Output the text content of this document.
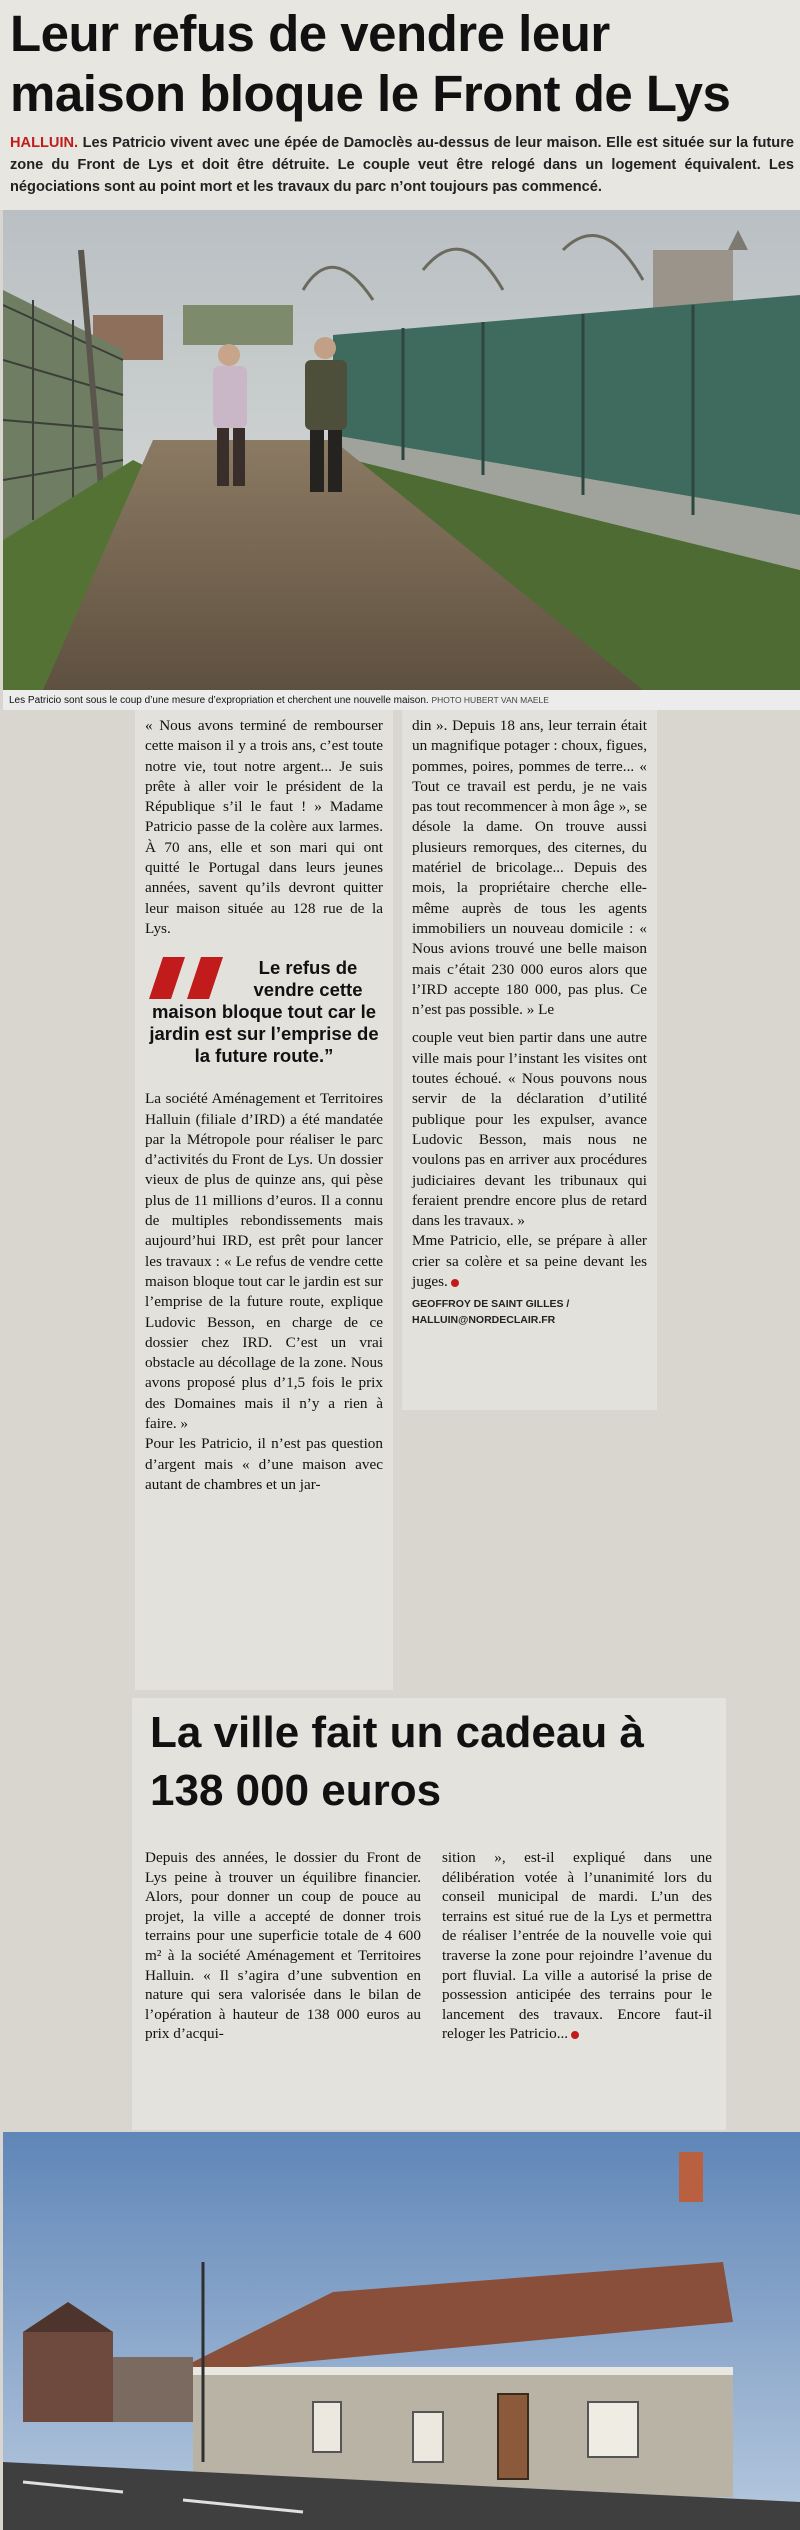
Leur refus de vendre leur maison bloque le Front de Lys

HALLUIN. Les Patricio vivent avec une épée de Damoclès au-dessus de leur maison. Elle est située sur la future zone du Front de Lys et doit être détruite. Le couple veut être relogé dans un logement équivalent. Les négociations sont au point mort et les travaux du parc n’ont toujours pas commencé.

Les Patricio sont sous le coup d’une mesure d’expropriation et cherchent une nouvelle maison. PHOTO HUBERT VAN MAELE

« Nous avons terminé de rembourser cette maison il y a trois ans, c’est toute notre vie, tout notre argent... Je suis prête à aller voir le président de la République s’il le faut ! » Madame Patricio passe de la colère aux larmes. À 70 ans, elle et son mari qui ont quitté le Portugal dans leurs jeunes années, savent qu’ils devront quitter leur maison située au 128 rue de la Lys.

Le refus de vendre cette maison bloque tout car le jardin est sur l’emprise de la future route.”

La société Aménagement et Territoires Halluin (filiale d’IRD) a été mandatée par la Métropole pour réaliser le parc d’activités du Front de Lys. Un dossier vieux de plus de quinze ans, qui pèse plus de 11 millions d’euros. Il a connu de multiples rebondissements mais aujourd’hui IRD, est prêt pour lancer les travaux : « Le refus de vendre cette maison bloque tout car le jardin est sur l’emprise de la future route, explique Ludovic Besson, en charge de ce dossier chez IRD. C’est un vrai obstacle au décollage de la zone. Nous avons proposé plus d’1,5 fois le prix des Domaines mais il n’y a rien à faire. »

Pour les Patricio, il n’est pas question d’argent mais « d’une maison avec autant de chambres et un jar-

din ». Depuis 18 ans, leur terrain était un magnifique potager : choux, figues, pommes, poires, pommes de terre... « Tout ce travail est perdu, je ne vais pas tout recommencer à mon âge », se désole la dame. On trouve aussi plusieurs remorques, des citernes, du matériel de bricolage... Depuis des mois, la propriétaire cherche elle-même auprès de tous les agents immobiliers un nouveau domicile : « Nous avions trouvé une belle maison mais c’était 230 000 euros alors que l’IRD accepte 180 000, pas plus. Ce n’est pas possible. » Le

couple veut bien partir dans une autre ville mais pour l’instant les visites ont toutes échoué. « Nous pouvons nous servir de la déclaration d’utilité publique pour les expulser, avance Ludovic Besson, mais nous ne voulons pas en arriver aux procédures judiciaires devant les tribunaux qui feraient prendre encore plus de retard dans les travaux. »

Mme Patricio, elle, se prépare à aller crier sa colère et sa peine devant les juges.

GEOFFROY DE SAINT GILLES /
HALLUIN@NORDECLAIR.FR
La ville fait un cadeau à 138 000 euros

Depuis des années, le dossier du Front de Lys peine à trouver un équilibre financier. Alors, pour donner un coup de pouce au projet, la ville a accepté de donner trois terrains pour une superficie totale de 4 600 m² à la société Aménagement et Territoires Halluin. « Il s’agira d’une subvention en nature qui sera valorisée dans le bilan de l’opération à hauteur de 138 000 euros au prix d’acqui-

sition », est-il expliqué dans une délibération votée à l’unanimité lors du conseil municipal de mardi. L’un des terrains est situé rue de la Lys et permettra de réaliser l’entrée de la nouvelle voie qui traverse la zone pour rejoindre l’avenue du port fluvial. La ville a autorisé la prise de possession anticipée des terrains pour le lancement des travaux. Encore faut-il reloger les Patricio...
